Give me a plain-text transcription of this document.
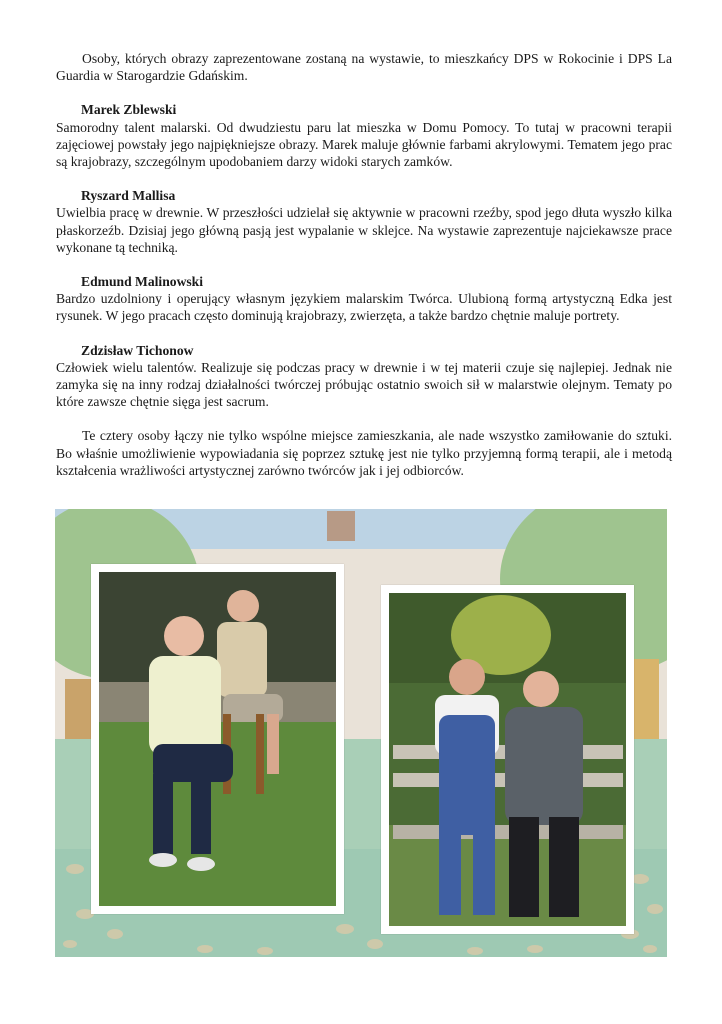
Osoby, których obrazy zaprezentowane zostaną na wystawie, to mieszkańcy DPS w Rokocinie i DPS La Guardia w Starogardzie Gdańskim.

Marek Zblewski

Samorodny talent malarski. Od dwudziestu paru lat mieszka w Domu Pomocy. To tutaj w pracowni terapii zajęciowej powstały jego najpiękniejsze obrazy. Marek maluje głównie farbami akrylowymi. Tematem jego prac są krajobrazy, szczególnym upodobaniem darzy widoki starych zamków.

Ryszard Mallisa

Uwielbia pracę w drewnie. W przeszłości udzielał się aktywnie w pracowni rzeźby, spod jego dłuta wyszło kilka płaskorzeźb. Dzisiaj jego główną pasją jest wypalanie w sklejce. Na wystawie zaprezentuje najciekawsze prace wykonane tą techniką.

Edmund Malinowski

Bardzo uzdolniony i operujący własnym językiem malarskim Twórca. Ulubioną formą artystyczną Edka jest rysunek. W jego pracach często dominują krajobrazy, zwierzęta, a także bardzo chętnie maluje portrety.

Zdzisław Tichonow

Człowiek wielu talentów. Realizuje się podczas pracy w drewnie i w tej materii czuje się najlepiej. Jednak nie zamyka się na inny rodzaj działalności twórczej próbując ostatnio swoich sił w malarstwie olejnym. Tematy po które zawsze chętnie sięga jest sacrum.

Te cztery osoby łączy nie tylko wspólne miejsce zamieszkania, ale nade wszystko zamiłowanie do sztuki. Bo właśnie umożliwienie wypowiadania się poprzez sztukę jest nie tylko przyjemną formą terapii, ale i metodą kształcenia wrażliwości artystycznej zarówno twórców jak i jej odbiorców.
